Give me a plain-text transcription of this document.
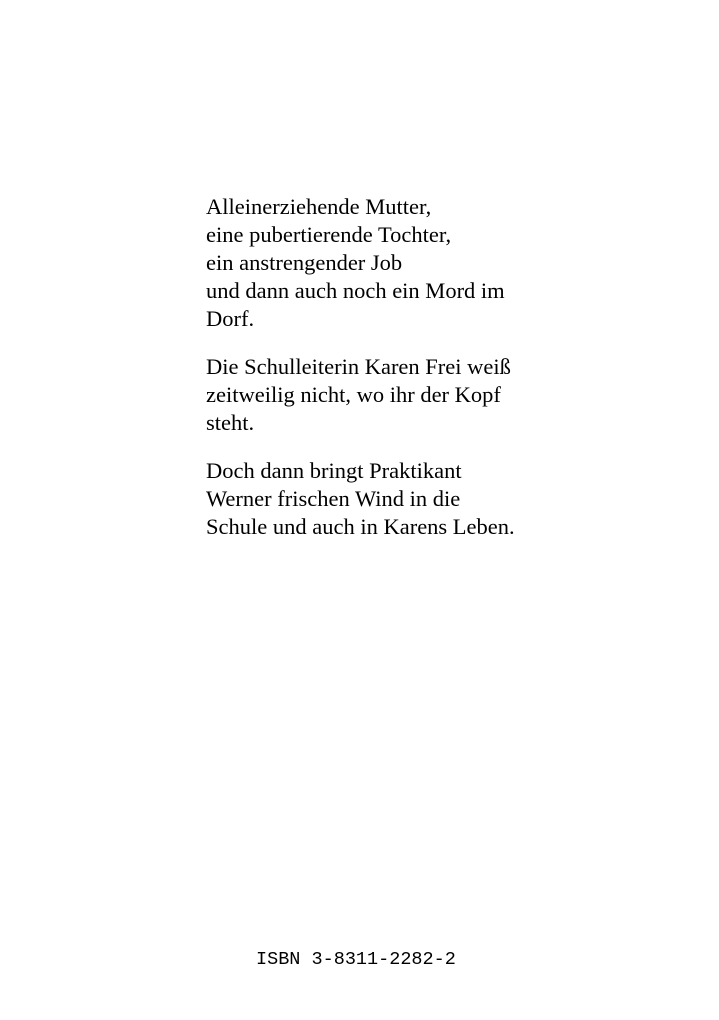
Alleinerziehende Mutter,
eine pubertierende Tochter,
ein anstrengender Job
und dann auch noch ein Mord im
Dorf.

Die Schulleiterin Karen Frei weiß
zeitweilig nicht, wo ihr der Kopf
steht.

Doch dann bringt Praktikant
Werner frischen Wind in die
Schule und auch in Karens Leben.

ISBN 3-8311-2282-2
